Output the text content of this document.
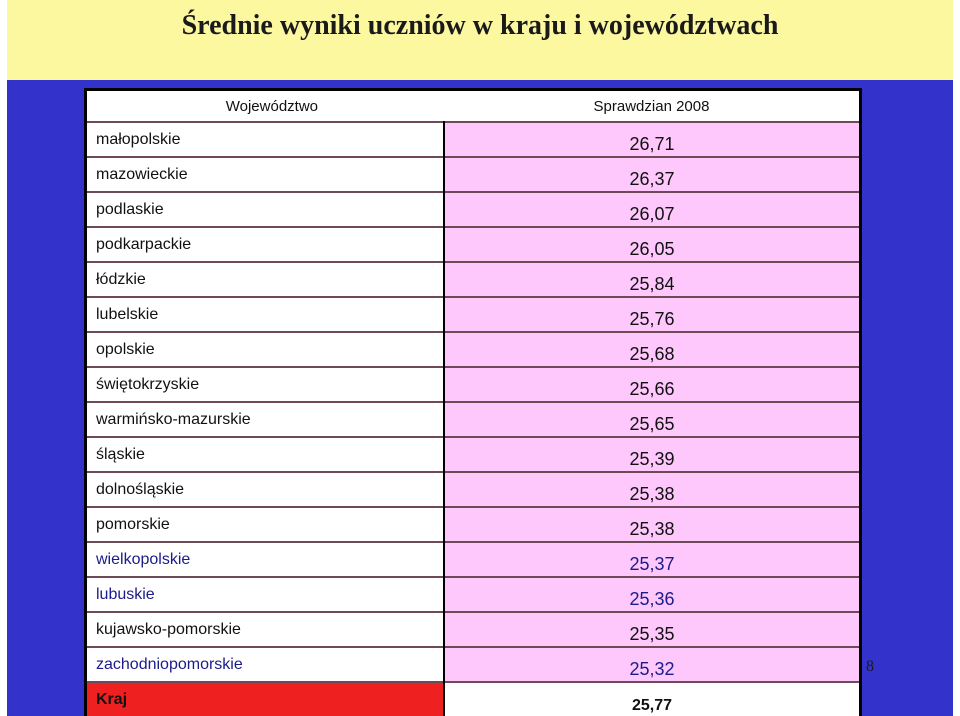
Średnie wyniki uczniów w kraju i województwach
Województwo	Sprawdzian 2008
małopolskie	26,71
mazowieckie	26,37
podlaskie	26,07
podkarpackie	26,05
łódzkie	25,84
lubelskie	25,76
opolskie	25,68
świętokrzyskie	25,66
warmińsko-mazurskie	25,65
śląskie	25,39
dolnośląskie	25,38
pomorskie	25,38
wielkopolskie	25,37
lubuskie	25,36
kujawsko-pomorskie	25,35
zachodniopomorskie	25,32
Kraj	25,77
8
